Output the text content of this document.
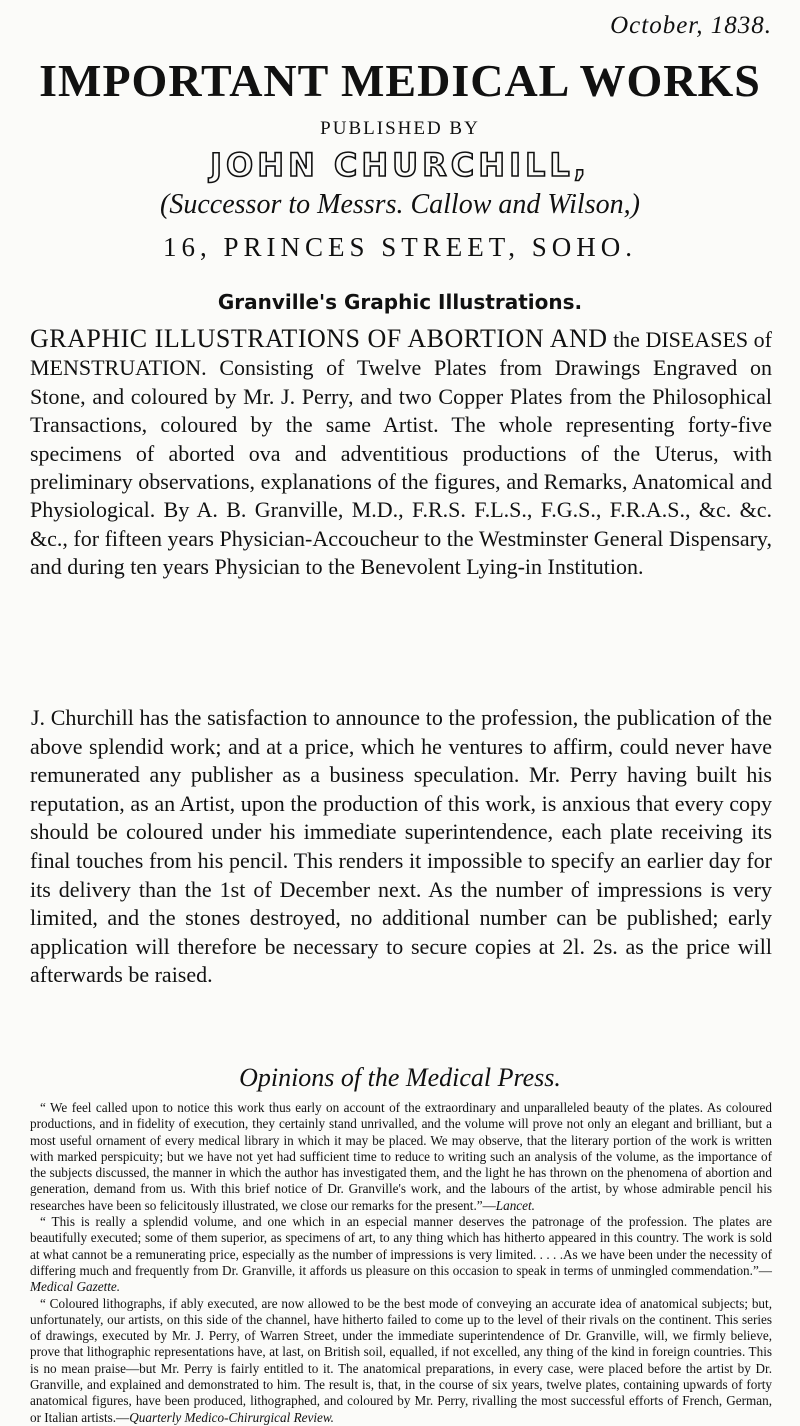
October, 1838.
IMPORTANT MEDICAL WORKS
PUBLISHED BY
JOHN CHURCHILL,
(Successor to Messrs. Callow and Wilson,)
16, PRINCES STREET, SOHO.
Granville's Graphic Illustrations.
GRAPHIC ILLUSTRATIONS OF ABORTION AND the DISEASES of MENSTRUATION. Consisting of Twelve Plates from Drawings Engraved on Stone, and coloured by Mr. J. Perry, and two Copper Plates from the Philosophical Transactions, coloured by the same Artist. The whole representing forty-five specimens of aborted ova and adventitious productions of the Uterus, with preliminary observations, explanations of the figures, and Remarks, Anatomical and Physiological. By A. B. Granville, M.D., F.R.S. F.L.S., F.G.S., F.R.A.S., &c. &c. &c., for fifteen years Physician-Accoucheur to the Westminster General Dispensary, and during ten years Physician to the Benevolent Lying-in Institution.
J. Churchill has the satisfaction to announce to the profession, the publication of the above splendid work; and at a price, which he ventures to affirm, could never have remunerated any publisher as a business speculation. Mr. Perry having built his reputation, as an Artist, upon the production of this work, is anxious that every copy should be coloured under his immediate superintendence, each plate receiving its final touches from his pencil. This renders it impossible to specify an earlier day for its delivery than the 1st of December next. As the number of impressions is very limited, and the stones destroyed, no additional number can be published; early application will therefore be necessary to secure copies at 2l. 2s. as the price will afterwards be raised.
Opinions of the Medical Press.

“ We feel called upon to notice this work thus early on account of the extraordinary and unparalleled beauty of the plates. As coloured productions, and in fidelity of execution, they certainly stand unrivalled, and the volume will prove not only an elegant and brilliant, but a most useful ornament of every medical library in which it may be placed. We may observe, that the literary portion of the work is written with marked perspicuity; but we have not yet had sufficient time to reduce to writing such an analysis of the volume, as the importance of the subjects discussed, the manner in which the author has investigated them, and the light he has thrown on the phenomena of abortion and generation, demand from us. With this brief notice of Dr. Granville's work, and the labours of the artist, by whose admirable pencil his researches have been so felicitously illustrated, we close our remarks for the present.”—Lancet.

“ This is really a splendid volume, and one which in an especial manner deserves the patronage of the profession. The plates are beautifully executed; some of them superior, as specimens of art, to any thing which has hitherto appeared in this country. The work is sold at what cannot be a remunerating price, especially as the number of impressions is very limited. . . . .As we have been under the necessity of differing much and frequently from Dr. Granville, it affords us pleasure on this occasion to speak in terms of unmingled commendation.”—Medical Gazette.

“ Coloured lithographs, if ably executed, are now allowed to be the best mode of conveying an accurate idea of anatomical subjects; but, unfortunately, our artists, on this side of the channel, have hitherto failed to come up to the level of their rivals on the continent. This series of drawings, executed by Mr. J. Perry, of Warren Street, under the immediate superintendence of Dr. Granville, will, we firmly believe, prove that lithographic representations have, at last, on British soil, equalled, if not excelled, any thing of the kind in foreign countries. This is no mean praise—but Mr. Perry is fairly entitled to it. The anatomical preparations, in every case, were placed before the artist by Dr. Granville, and explained and demonstrated to him. The result is, that, in the course of six years, twelve plates, containing upwards of forty anatomical figures, have been produced, lithographed, and coloured by Mr. Perry, rivalling the most successful efforts of French, German, or Italian artists.—Quarterly Medico-Chirurgical Review.
